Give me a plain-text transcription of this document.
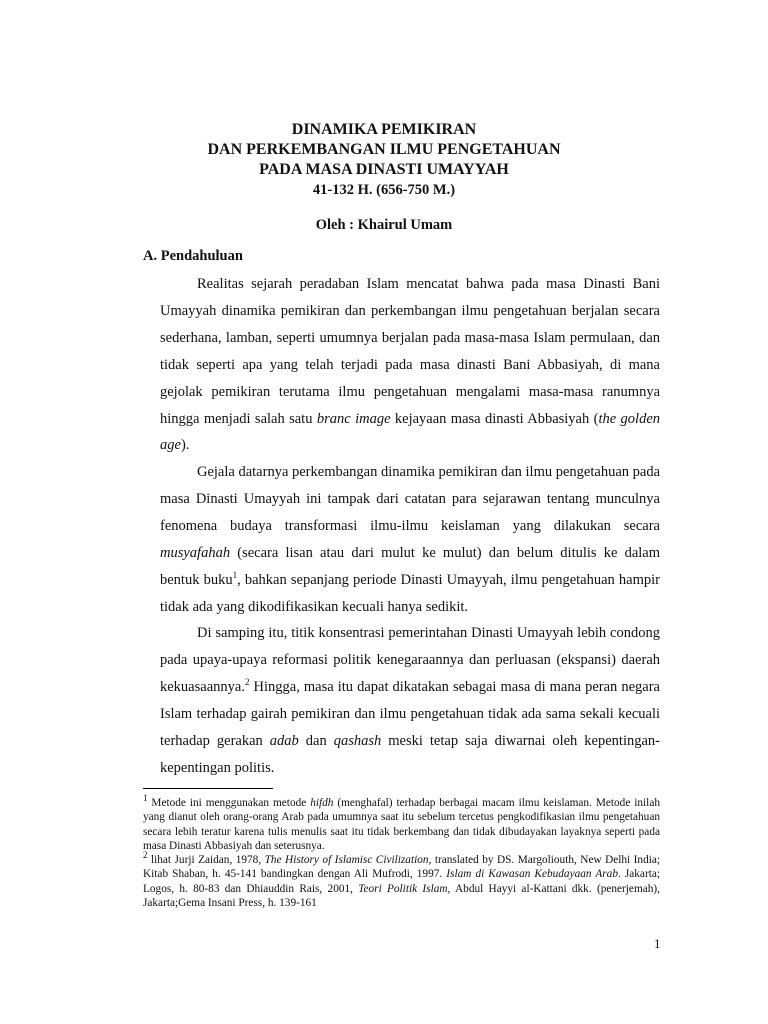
DINAMIKA PEMIKIRAN
DAN PERKEMBANGAN ILMU PENGETAHUAN
PADA MASA DINASTI UMAYYAH
41-132 H. (656-750 M.)
Oleh : Khairul Umam
A. Pendahuluan

Realitas sejarah peradaban Islam mencatat bahwa pada masa Dinasti Bani Umayyah dinamika pemikiran dan perkembangan ilmu pengetahuan berjalan secara sederhana, lamban, seperti umumnya berjalan pada masa-masa Islam permulaan, dan tidak seperti apa yang telah terjadi pada masa dinasti Bani Abbasiyah, di mana gejolak pemikiran terutama ilmu pengetahuan mengalami masa-masa ranumnya hingga menjadi salah satu branc image kejayaan masa dinasti Abbasiyah (the golden age).

Gejala datarnya perkembangan dinamika pemikiran dan ilmu pengetahuan pada masa Dinasti Umayyah ini tampak dari catatan para sejarawan tentang munculnya fenomena budaya transformasi ilmu-ilmu keislaman yang dilakukan secara musyafahah (secara lisan atau dari mulut ke mulut) dan belum ditulis ke dalam bentuk buku$^1$, bahkan sepanjang periode Dinasti Umayyah, ilmu pengetahuan hampir tidak ada yang dikodifikasikan kecuali hanya sedikit.

Di samping itu, titik konsentrasi pemerintahan Dinasti Umayyah lebih condong pada upaya-upaya reformasi politik kenegaraannya dan perluasan (ekspansi) daerah kekuasaannya.$^2$ Hingga, masa itu dapat dikatakan sebagai masa di mana peran negara Islam terhadap gairah pemikiran dan ilmu pengetahuan tidak ada sama sekali kecuali terhadap gerakan adab dan qashash meski tetap saja diwarnai oleh kepentingan-kepentingan politis.

$^1$ Metode ini menggunakan metode hifdh (menghafal) terhadap berbagai macam ilmu keislaman. Metode inilah yang dianut oleh orang-orang Arab pada umumnya saat itu sebelum tercetus pengkodifikasian ilmu pengetahuan secara lebih teratur karena tulis menulis saat itu tidak berkembang dan tidak dibudayakan layaknya seperti pada masa Dinasti Abbasiyah dan seterusnya.

$^2$ lihat Jurji Zaidan, 1978, The History of Islamisc Civilization, translated by DS. Margoliouth, New Delhi India; Kitab Shaban, h. 45-141 bandingkan dengan Ali Mufrodi, 1997. Islam di Kawasan Kebudayaan Arab. Jakarta; Logos, h. 80-83 dan Dhiauddin Rais, 2001, Teori Politik Islam, Abdul Hayyi al-Kattani dkk. (penerjemah), Jakarta;Gema Insani Press, h. 139-161

1
